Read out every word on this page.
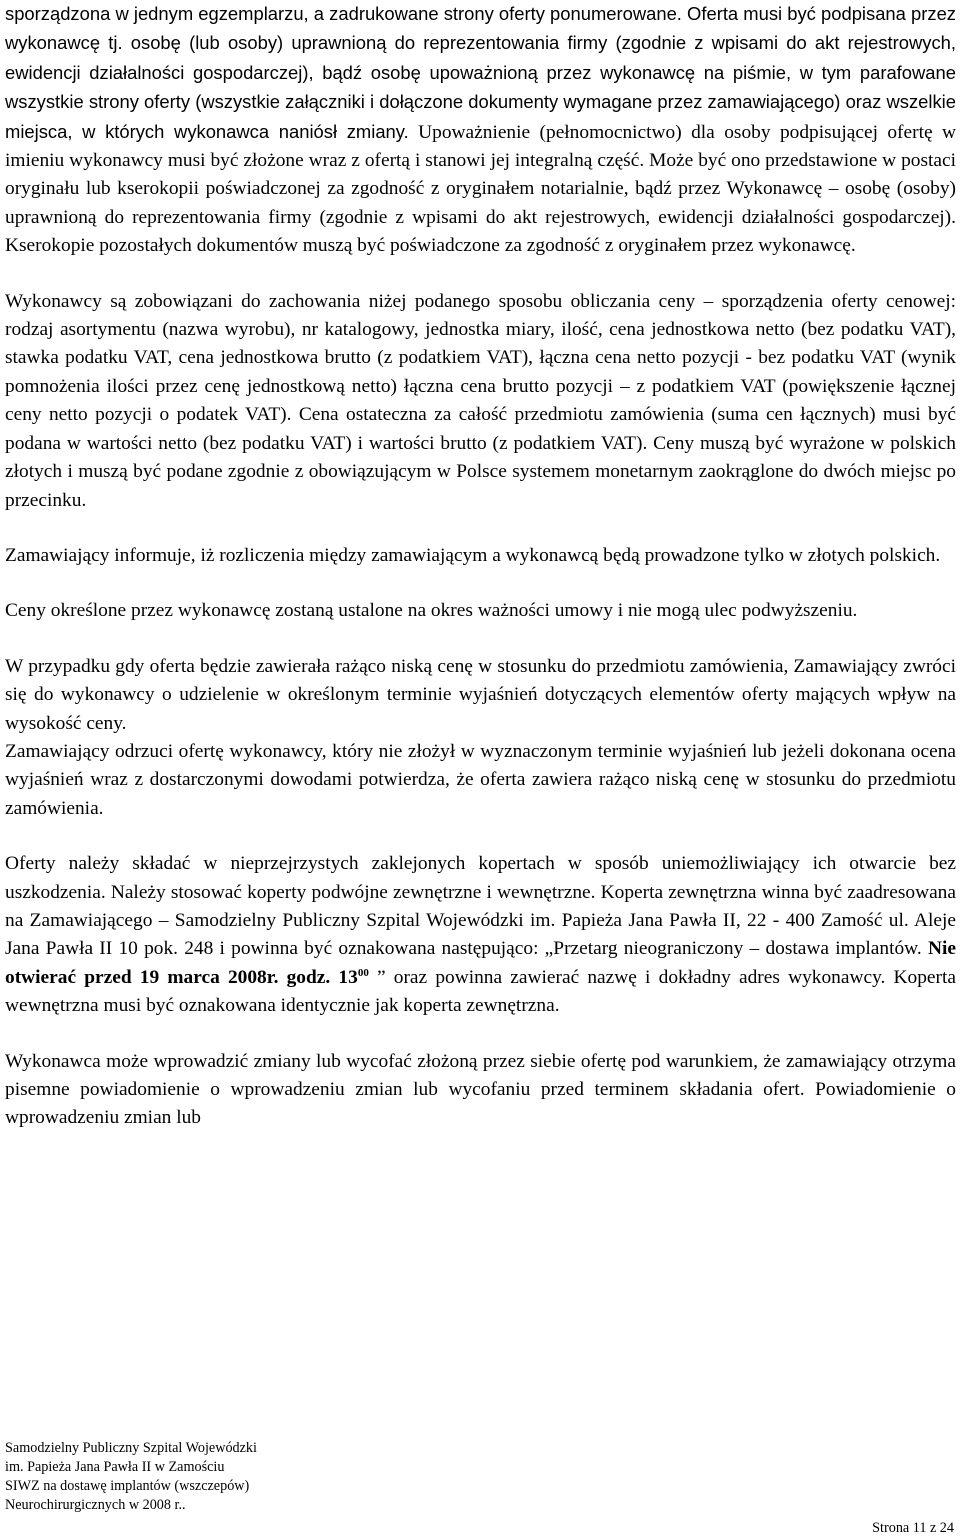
sporządzona w jednym egzemplarzu, a zadrukowane strony oferty ponumerowane. Oferta musi być podpisana przez wykonawcę tj. osobę (lub osoby) uprawnioną do reprezentowania firmy (zgodnie z wpisami do akt rejestrowych, ewidencji działalności gospodarczej), bądź osobę upoważnioną przez wykonawcę na piśmie, w tym parafowane wszystkie strony oferty (wszystkie załączniki i dołączone dokumenty wymagane przez zamawiającego) oraz wszelkie miejsca, w których wykonawca naniósł zmiany. Upoważnienie (pełnomocnictwo) dla osoby podpisującej ofertę w imieniu wykonawcy musi być złożone wraz z ofertą i stanowi jej integralną część. Może być ono przedstawione w postaci oryginału lub kserokopii poświadczonej za zgodność z oryginałem notarialnie, bądź przez Wykonawcę – osobę (osoby) uprawnioną do reprezentowania firmy (zgodnie z wpisami do akt rejestrowych, ewidencji działalności gospodarczej). Kserokopie pozostałych dokumentów muszą być poświadczone za zgodność z oryginałem przez wykonawcę.

Wykonawcy są zobowiązani do zachowania niżej podanego sposobu obliczania ceny – sporządzenia oferty cenowej: rodzaj asortymentu (nazwa wyrobu), nr katalogowy, jednostka miary, ilość, cena jednostkowa netto (bez podatku VAT), stawka podatku VAT, cena jednostkowa brutto (z podatkiem VAT), łączna cena netto pozycji - bez podatku VAT (wynik pomnożenia ilości przez cenę jednostkową netto) łączna cena brutto pozycji – z podatkiem VAT (powiększenie łącznej ceny netto pozycji o podatek VAT). Cena ostateczna za całość przedmiotu zamówienia (suma cen łącznych) musi być podana w wartości netto (bez podatku VAT) i wartości brutto (z podatkiem VAT). Ceny muszą być wyrażone w polskich złotych i muszą być podane zgodnie z obowiązującym w Polsce systemem monetarnym zaokrąglone do dwóch miejsc po przecinku.

Zamawiający informuje, iż rozliczenia między zamawiającym a wykonawcą będą prowadzone tylko w złotych polskich.

Ceny określone przez wykonawcę zostaną ustalone na okres ważności umowy i nie mogą ulec podwyższeniu.

W przypadku gdy oferta będzie zawierała rażąco niską cenę w stosunku do przedmiotu zamówienia, Zamawiający zwróci się do wykonawcy o udzielenie w określonym terminie wyjaśnień dotyczących elementów oferty mających wpływ na wysokość ceny.

Zamawiający odrzuci ofertę wykonawcy, który nie złożył w wyznaczonym terminie wyjaśnień lub jeżeli dokonana ocena wyjaśnień wraz z dostarczonymi dowodami potwierdza, że oferta zawiera rażąco niską cenę w stosunku do przedmiotu zamówienia.

Oferty należy składać w nieprzejrzystych zaklejonych kopertach w sposób uniemożliwiający ich otwarcie bez uszkodzenia. Należy stosować koperty podwójne zewnętrzne i wewnętrzne. Koperta zewnętrzna winna być zaadresowana na Zamawiającego – Samodzielny Publiczny Szpital Wojewódzki im. Papieża Jana Pawła II, 22 - 400 Zamość ul. Aleje Jana Pawła II 10 pok. 248 i powinna być oznakowana następująco: „Przetarg nieograniczony – dostawa implantów. Nie otwierać przed 19 marca 2008r. godz. $13^{00}$ ” oraz powinna zawierać nazwę i dokładny adres wykonawcy. Koperta wewnętrzna musi być oznakowana identycznie jak koperta zewnętrzna.

Wykonawca może wprowadzić zmiany lub wycofać złożoną przez siebie ofertę pod warunkiem, że zamawiający otrzyma pisemne powiadomienie o wprowadzeniu zmian lub wycofaniu przed terminem składania ofert. Powiadomienie o wprowadzeniu zmian lub

Samodzielny Publiczny Szpital Wojewódzki
im. Papieża Jana Pawła II w Zamościu
SIWZ na dostawę implantów (wszczepów)
Neurochirurgicznych w 2008 r..
Strona 11 z 24
